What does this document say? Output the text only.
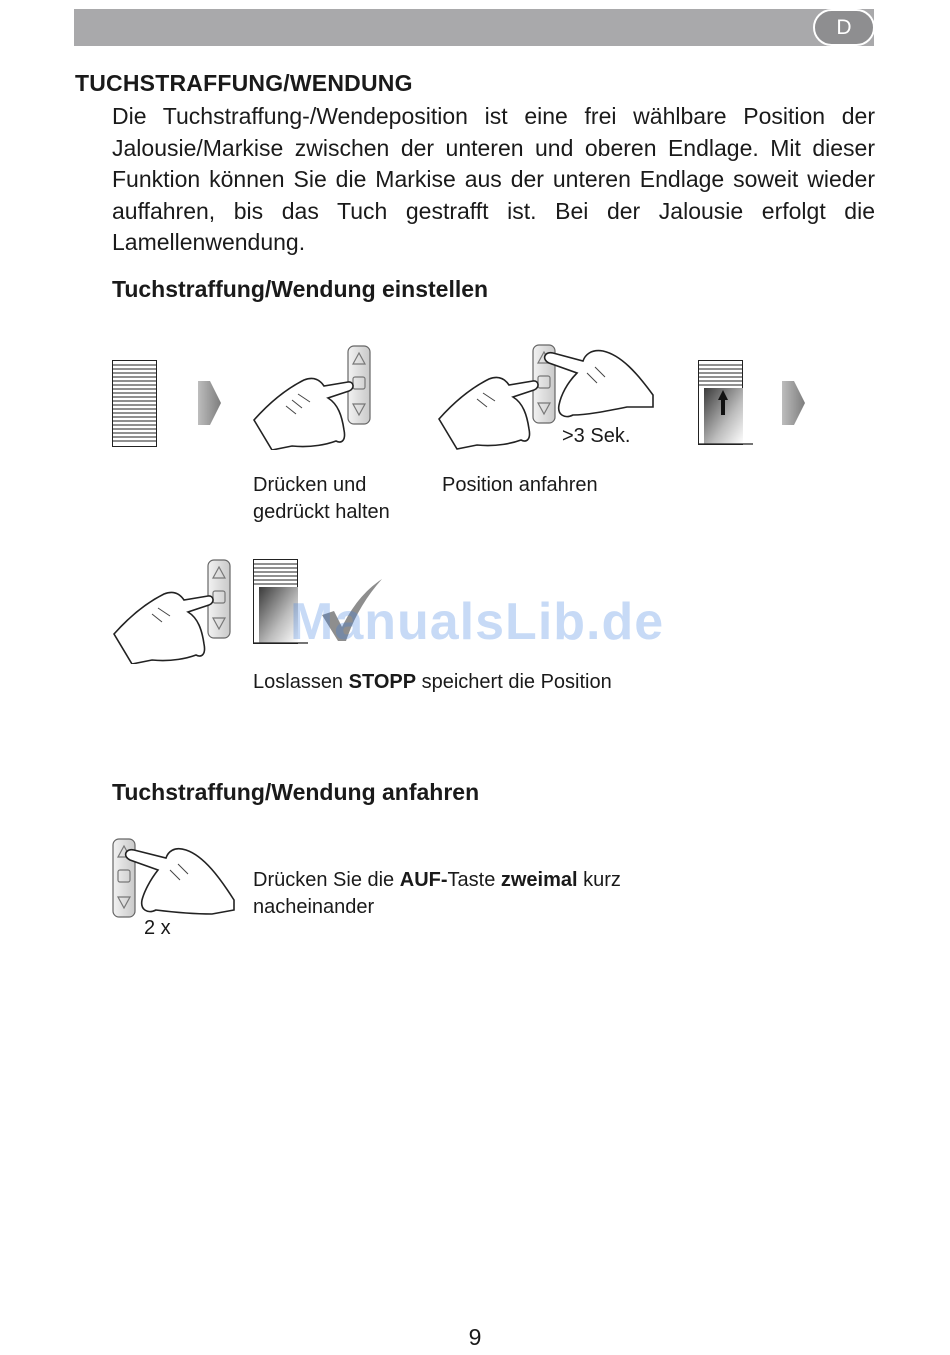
D
TUCHSTRAFFUNG/WENDUNG

Die Tuchstraffung-/Wendeposition ist eine frei wählbare Position der Jalousie/Markise zwischen der unteren und oberen Endlage. Mit dieser Funktion können Sie die Markise aus der unteren Endlage soweit wieder auffahren, bis das Tuch gestrafft ist. Bei der Jalousie erfolgt die Lamellenwendung.

Tuchstraffung/Wendung einstellen
>3 Sek.
Drücken und
gedrückt halten
Position anfahren
ManualsLib.de
Loslassen STOPP speichert die Position
Tuchstraffung/Wendung anfahren
2 x
Drücken Sie die AUF-Taste zweimal kurz
nacheinander
9
